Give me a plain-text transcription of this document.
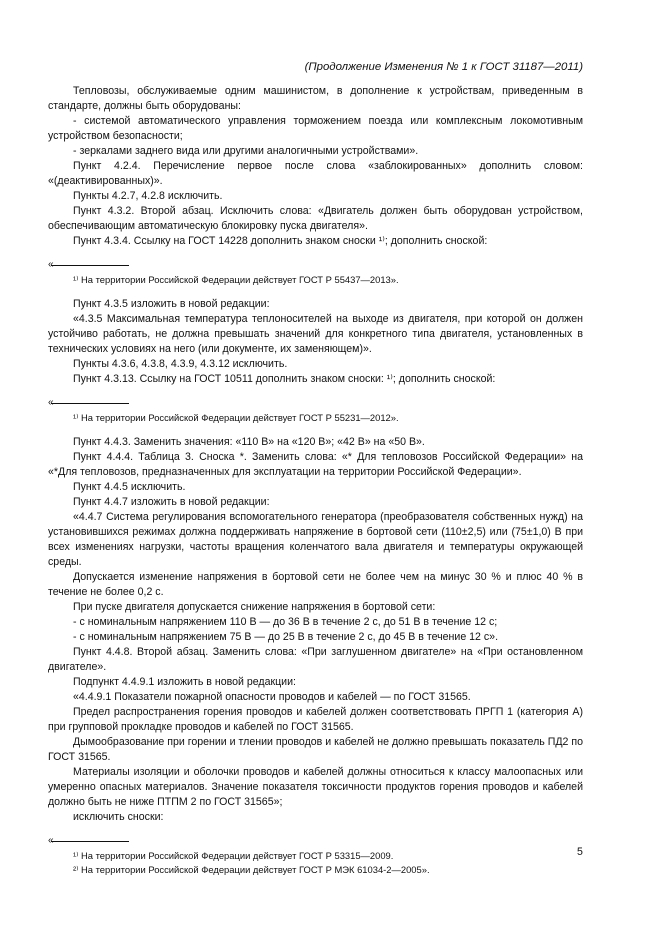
(Продолжение Изменения № 1 к ГОСТ 31187—2011)

Тепловозы, обслуживаемые одним машинистом, в дополнение к устройствам, приведенным в стандарте, должны быть оборудованы:

- системой автоматического управления торможением поезда или комплексным локомотивным устройством безопасности;

- зеркалами заднего вида или другими аналогичными устройствами».

Пункт 4.2.4. Перечисление первое после слова «заблокированных» дополнить словом: «(деактивированных)».

Пункты 4.2.7, 4.2.8 исключить.

Пункт 4.3.2. Второй абзац. Исключить слова: «Двигатель должен быть оборудован устройством, обеспечивающим автоматическую блокировку пуска двигателя».

Пункт 4.3.4. Ссылку на ГОСТ 14228 дополнить знаком сноски ¹⁾; дополнить сноской:

«

¹⁾ На территории Российской Федерации действует ГОСТ Р 55437—2013».

Пункт 4.3.5 изложить в новой редакции:

«4.3.5 Максимальная температура теплоносителей на выходе из двигателя, при которой он должен устойчиво работать, не должна превышать значений для конкретного типа двигателя, установленных в технических условиях на него (или документе, их заменяющем)».

Пункты 4.3.6, 4.3.8, 4.3.9, 4.3.12 исключить.

Пункт 4.3.13. Ссылку на ГОСТ 10511 дополнить знаком сноски: ¹⁾; дополнить сноской:

«

¹⁾ На территории Российской Федерации действует ГОСТ Р 55231—2012».

Пункт 4.4.3. Заменить значения: «110 В» на «120 В»; «42 В» на «50 В».

Пункт 4.4.4. Таблица 3. Сноска *. Заменить слова: «* Для тепловозов Российской Федерации» на «*Для тепловозов, предназначенных для эксплуатации на территории Российской Федерации».

Пункт 4.4.5 исключить.

Пункт 4.4.7 изложить в новой редакции:

«4.4.7 Система регулирования вспомогательного генератора (преобразователя собственных нужд) на установившихся режимах должна поддерживать напряжение в бортовой сети (110±2,5) или (75±1,0) В при всех изменениях нагрузки, частоты вращения коленчатого вала двигателя и температуры окружающей среды.

Допускается изменение напряжения в бортовой сети не более чем на минус 30 % и плюс 40 % в течение не более 0,2 с.

При пуске двигателя допускается снижение напряжения в бортовой сети:

- с номинальным напряжением 110 В — до 36 В в течение 2 с, до 51 В в течение 12 с;

- с номинальным напряжением 75 В — до 25 В в течение 2 с, до 45 В в течение 12 с».

Пункт 4.4.8. Второй абзац. Заменить слова: «При заглушенном двигателе» на «При остановленном двигателе».

Подпункт 4.4.9.1 изложить в новой редакции:

«4.4.9.1 Показатели пожарной опасности проводов и кабелей — по ГОСТ 31565.

Предел распространения горения проводов и кабелей должен соответствовать ПРГП 1 (категория А) при групповой прокладке проводов и кабелей по ГОСТ 31565.

Дымообразование при горении и тлении проводов и кабелей не должно превышать показатель ПД2 по ГОСТ 31565.

Материалы изоляции и оболочки проводов и кабелей должны относиться к классу малоопасных или умеренно опасных материалов. Значение показателя токсичности продуктов горения проводов и кабелей должно быть не ниже ПТПМ 2 по ГОСТ 31565»;

исключить сноски:

«

¹⁾ На территории Российской Федерации действует ГОСТ Р 53315—2009.

²⁾ На территории Российской Федерации действует ГОСТ Р МЭК 61034-2—2005».

5
